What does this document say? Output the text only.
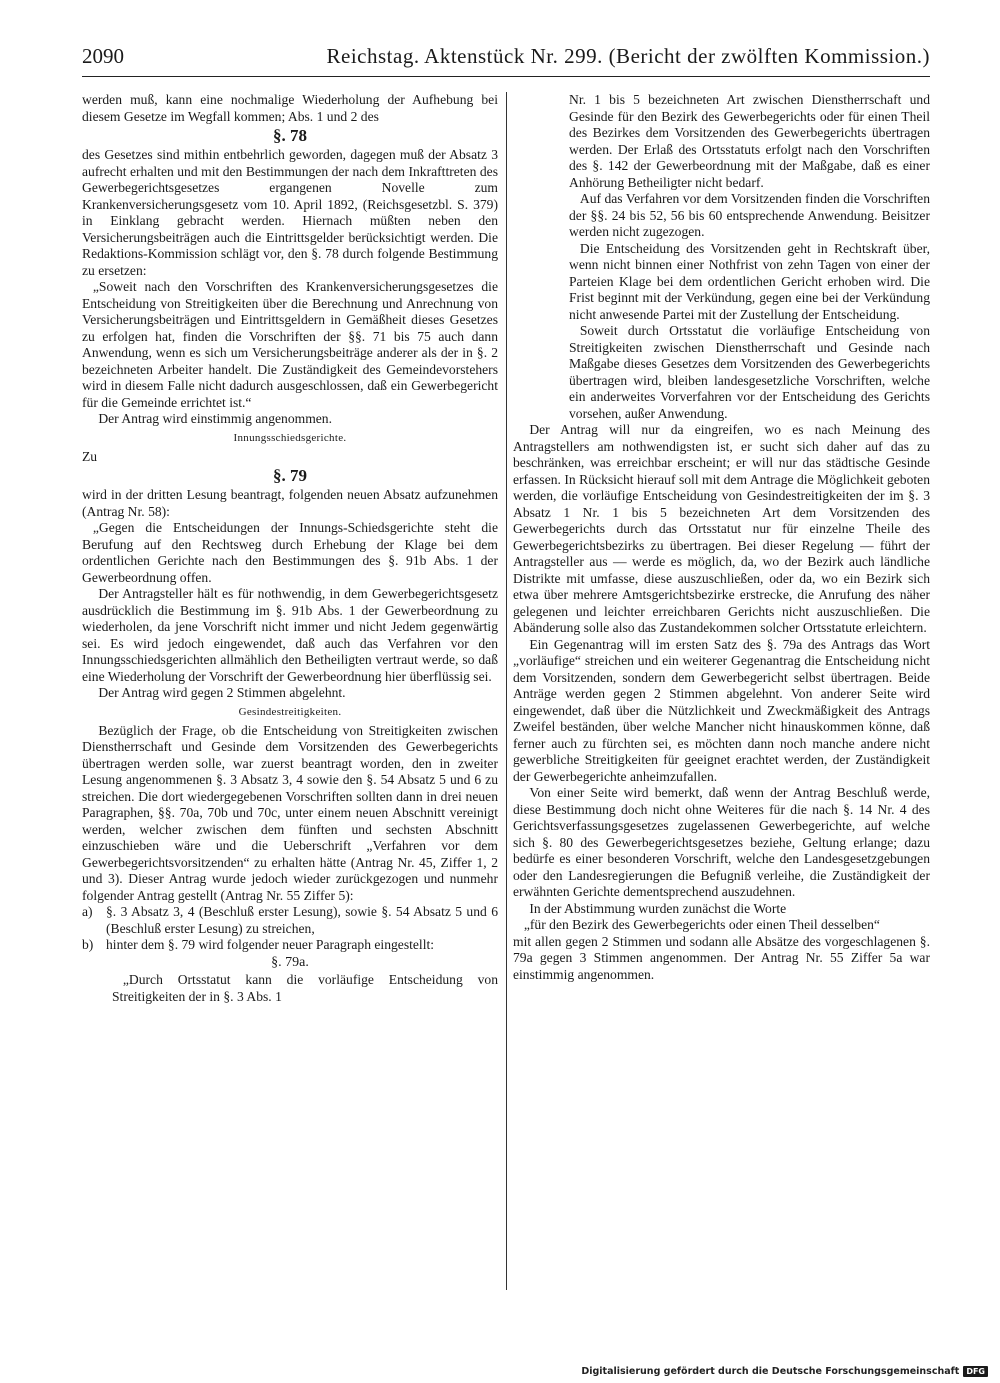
2090	Reichstag. Aktenstück Nr. 299. (Bericht der zwölften Kommission.)

werden muß, kann eine nochmalige Wiederholung der Aufhebung bei diesem Gesetze im Wegfall kommen; Abs. 1 und 2 des

§. 78

des Gesetzes sind mithin entbehrlich geworden, dagegen muß der Absatz 3 aufrecht erhalten und mit den Bestimmungen der nach dem Inkrafttreten des Gewerbegerichtsgesetzes ergangenen Novelle zum Krankenversicherungsgesetz vom 10. April 1892, (Reichsgesetzbl. S. 379) in Einklang gebracht werden. Hiernach müßten neben den Versicherungsbeiträgen auch die Eintrittsgelder berücksichtigt werden. Die Redaktions-Kommission schlägt vor, den §. 78 durch folgende Bestimmung zu ersetzen:

„Soweit nach den Vorschriften des Krankenversicherungsgesetzes die Entscheidung von Streitigkeiten über die Berechnung und Anrechnung von Versicherungsbeiträgen und Eintrittsgeldern in Gemäßheit dieses Gesetzes zu erfolgen hat, finden die Vorschriften der §§. 71 bis 75 auch dann Anwendung, wenn es sich um Versicherungsbeiträge anderer als der in §. 2 bezeichneten Arbeiter handelt. Die Zuständigkeit des Gemeindevorstehers wird in diesem Falle nicht dadurch ausgeschlossen, daß ein Gewerbegericht für die Gemeinde errichtet ist.“

Der Antrag wird einstimmig angenommen.

Innungsschiedsgerichte.

Zu

§. 79

wird in der dritten Lesung beantragt, folgenden neuen Absatz aufzunehmen (Antrag Nr. 58):

„Gegen die Entscheidungen der Innungs-Schiedsgerichte steht die Berufung auf den Rechtsweg durch Erhebung der Klage bei dem ordentlichen Gerichte nach den Bestimmungen des §. 91b Abs. 1 der Gewerbeordnung offen.

Der Antragsteller hält es für nothwendig, in dem Gewerbegerichtsgesetz ausdrücklich die Bestimmung im §. 91b Abs. 1 der Gewerbeordnung zu wiederholen, da jene Vorschrift nicht immer und nicht Jedem gegenwärtig sei. Es wird jedoch eingewendet, daß auch das Verfahren vor den Innungsschiedsgerichten allmählich den Betheiligten vertraut werde, so daß eine Wiederholung der Vorschrift der Gewerbeordnung hier überflüssig sei.

Der Antrag wird gegen 2 Stimmen abgelehnt.

Gesindestreitigkeiten.

Bezüglich der Frage, ob die Entscheidung von Streitigkeiten zwischen Dienstherrschaft und Gesinde dem Vorsitzenden des Gewerbegerichts übertragen werden solle, war zuerst beantragt worden, den in zweiter Lesung angenommenen §. 3 Absatz 3, 4 sowie den §. 54 Absatz 5 und 6 zu streichen. Die dort wiedergegebenen Vorschriften sollten dann in drei neuen Paragraphen, §§. 70a, 70b und 70c, unter einem neuen Abschnitt vereinigt werden, welcher zwischen dem fünften und sechsten Abschnitt einzuschieben wäre und die Ueberschrift „Verfahren vor dem Gewerbegerichtsvorsitzenden“ zu erhalten hätte (Antrag Nr. 45, Ziffer 1, 2 und 3). Dieser Antrag wurde jedoch wieder zurückgezogen und nunmehr folgender Antrag gestellt (Antrag Nr. 55 Ziffer 5):

a) §. 3 Absatz 3, 4 (Beschluß erster Lesung), sowie §. 54 Absatz 5 und 6 (Beschluß erster Lesung) zu streichen,
b) hinter dem §. 79 wird folgender neuer Paragraph eingestellt:
§. 79a.

„Durch Ortsstatut kann die vorläufige Entscheidung von Streitigkeiten der in §. 3 Abs. 1

Nr. 1 bis 5 bezeichneten Art zwischen Dienstherrschaft und Gesinde für den Bezirk des Gewerbegerichts oder für einen Theil des Bezirkes dem Vorsitzenden des Gewerbegerichts übertragen werden. Der Erlaß des Ortsstatuts erfolgt nach den Vorschriften des §. 142 der Gewerbeordnung mit der Maßgabe, daß es einer Anhörung Betheiligter nicht bedarf.

Auf das Verfahren vor dem Vorsitzenden finden die Vorschriften der §§. 24 bis 52, 56 bis 60 entsprechende Anwendung. Beisitzer werden nicht zugezogen.

Die Entscheidung des Vorsitzenden geht in Rechtskraft über, wenn nicht binnen einer Nothfrist von zehn Tagen von einer der Parteien Klage bei dem ordentlichen Gericht erhoben wird. Die Frist beginnt mit der Verkündung, gegen eine bei der Verkündung nicht anwesende Partei mit der Zustellung der Entscheidung.

Soweit durch Ortsstatut die vorläufige Entscheidung von Streitigkeiten zwischen Dienstherrschaft und Gesinde nach Maßgabe dieses Gesetzes dem Vorsitzenden des Gewerbegerichts übertragen wird, bleiben landesgesetzliche Vorschriften, welche ein anderweites Vorverfahren vor der Entscheidung des Gerichts vorsehen, außer Anwendung.

Der Antrag will nur da eingreifen, wo es nach Meinung des Antragstellers am nothwendigsten ist, er sucht sich daher auf das zu beschränken, was erreichbar erscheint; er will nur das städtische Gesinde erfassen. In Rücksicht hierauf soll mit dem Antrage die Möglichkeit geboten werden, die vorläufige Entscheidung von Gesindestreitigkeiten der im §. 3 Absatz 1 Nr. 1 bis 5 bezeichneten Art dem Vorsitzenden des Gewerbegerichts durch das Ortsstatut nur für einzelne Theile des Gewerbegerichtsbezirks zu übertragen. Bei dieser Regelung — führt der Antragsteller aus — werde es möglich, da, wo der Bezirk auch ländliche Distrikte mit umfasse, diese auszuschließen, oder da, wo ein Bezirk sich etwa über mehrere Amtsgerichtsbezirke erstrecke, die Anrufung des näher gelegenen und leichter erreichbaren Gerichts nicht auszuschließen. Die Abänderung solle also das Zustandekommen solcher Ortsstatute erleichtern.

Ein Gegenantrag will im ersten Satz des §. 79a des Antrags das Wort „vorläufige“ streichen und ein weiterer Gegenantrag die Entscheidung nicht dem Vorsitzenden, sondern dem Gewerbegericht selbst übertragen. Beide Anträge werden gegen 2 Stimmen abgelehnt. Von anderer Seite wird eingewendet, daß über die Nützlichkeit und Zweckmäßigkeit des Antrags Zweifel beständen, über welche Mancher nicht hinauskommen könne, daß ferner auch zu fürchten sei, es möchten dann noch manche andere nicht gewerbliche Streitigkeiten für geeignet erachtet werden, der Zuständigkeit der Gewerbegerichte anheimzufallen.

Von einer Seite wird bemerkt, daß wenn der Antrag Beschluß werde, diese Bestimmung doch nicht ohne Weiteres für die nach §. 14 Nr. 4 des Gerichtsverfassungsgesetzes zugelassenen Gewerbegerichte, auf welche sich §. 80 des Gewerbegerichtsgesetzes beziehe, Geltung erlange; dazu bedürfe es einer besonderen Vorschrift, welche den Landesgesetzgebungen oder den Landesregierungen die Befugniß verleihe, die Zuständigkeit der erwähnten Gerichte dementsprechend auszudehnen.

In der Abstimmung wurden zunächst die Worte

„für den Bezirk des Gewerbegerichts oder einen Theil desselben“

mit allen gegen 2 Stimmen und sodann alle Absätze des vorgeschlagenen §. 79a gegen 3 Stimmen angenommen. Der Antrag Nr. 55 Ziffer 5a war einstimmig angenommen.

Digitalisierung gefördert durch die Deutsche Forschungsgemeinschaft DFG
